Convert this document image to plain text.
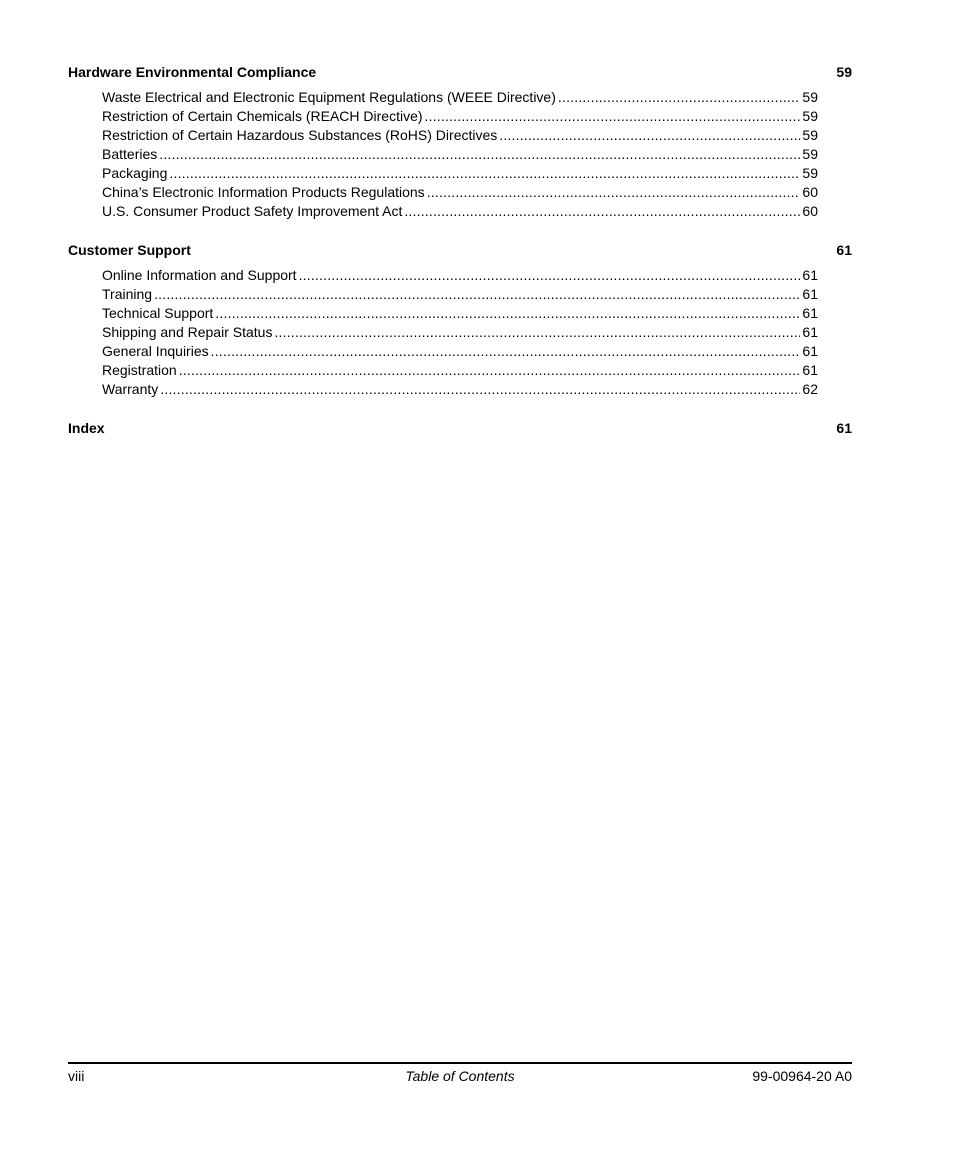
Hardware Environmental Compliance	59
Waste Electrical and Electronic Equipment Regulations (WEEE Directive) .....	59
Restriction of Certain Chemicals (REACH Directive) .....	59
Restriction of Certain Hazardous Substances (RoHS) Directives .....	59
Batteries .....	59
Packaging .....	59
China’s Electronic Information Products Regulations .....	60
U.S. Consumer Product Safety Improvement Act .....	60
Customer Support	61
Online Information and Support .....	61
Training .....	61
Technical Support .....	61
Shipping and Repair Status .....	61
General Inquiries .....	61
Registration .....	61
Warranty .....	62
Index	61
viii	Table of Contents	99-00964-20 A0
